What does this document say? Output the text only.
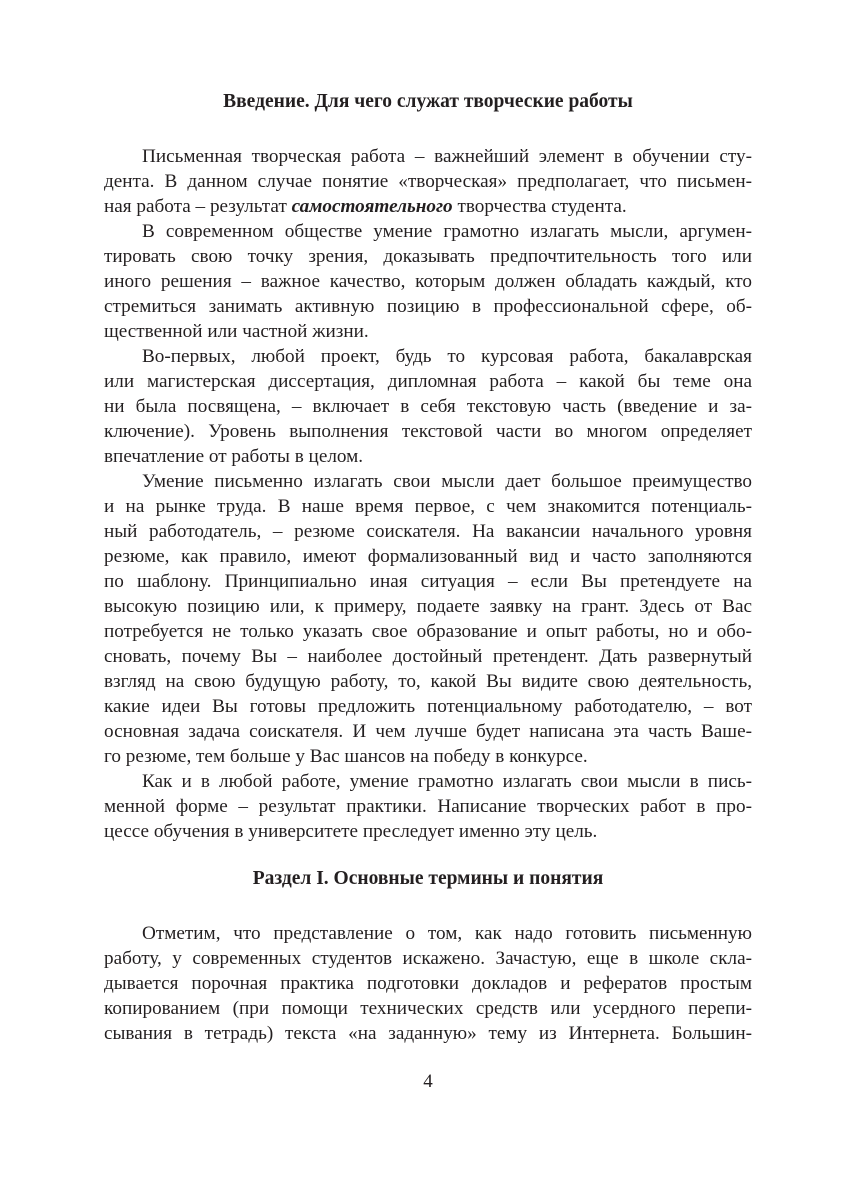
Введение. Для чего служат творческие работы
Письменная творческая работа – важнейший элемент в обучении сту-
дента. В данном случае понятие «творческая» предполагает, что письмен-
ная работа – результат самостоятельного творчества студента.
В современном обществе умение грамотно излагать мысли, аргумен-
тировать свою точку зрения, доказывать предпочтительность того или
иного решения – важное качество, которым должен обладать каждый, кто
стремиться занимать активную позицию в профессиональной сфере, об-
щественной или частной жизни.
Во-первых, любой проект, будь то курсовая работа, бакалаврская
или магистерская диссертация, дипломная работа – какой бы теме она
ни была посвящена, – включает в себя текстовую часть (введение и за-
ключение). Уровень выполнения текстовой части во многом определяет
впечатление от работы в целом.
Умение письменно излагать свои мысли дает большое преимущество
и на рынке труда. В наше время первое, с чем знакомится потенциаль-
ный работодатель, – резюме соискателя. На вакансии начального уровня
резюме, как правило, имеют формализованный вид и часто заполняются
по шаблону. Принципиально иная ситуация – если Вы претендуете на
высокую позицию или, к примеру, подаете заявку на грант. Здесь от Вас
потребуется не только указать свое образование и опыт работы, но и обо-
сновать, почему Вы – наиболее достойный претендент. Дать развернутый
взгляд на свою будущую работу, то, какой Вы видите свою деятельность,
какие идеи Вы готовы предложить потенциальному работодателю, – вот
основная задача соискателя. И чем лучше будет написана эта часть Ваше-
го резюме, тем больше у Вас шансов на победу в конкурсе.
Как и в любой работе, умение грамотно излагать свои мысли в пись-
менной форме – результат практики. Написание творческих работ в про-
цессе обучения в университете преследует именно эту цель.
Раздел I. Основные термины и понятия
Отметим, что представление о том, как надо готовить письменную
работу, у современных студентов искажено. Зачастую, еще в школе скла-
дывается порочная практика подготовки докладов и рефератов простым
копированием (при помощи технических средств или усердного перепи-
сывания в тетрадь) текста «на заданную» тему из Интернета. Большин-
4
